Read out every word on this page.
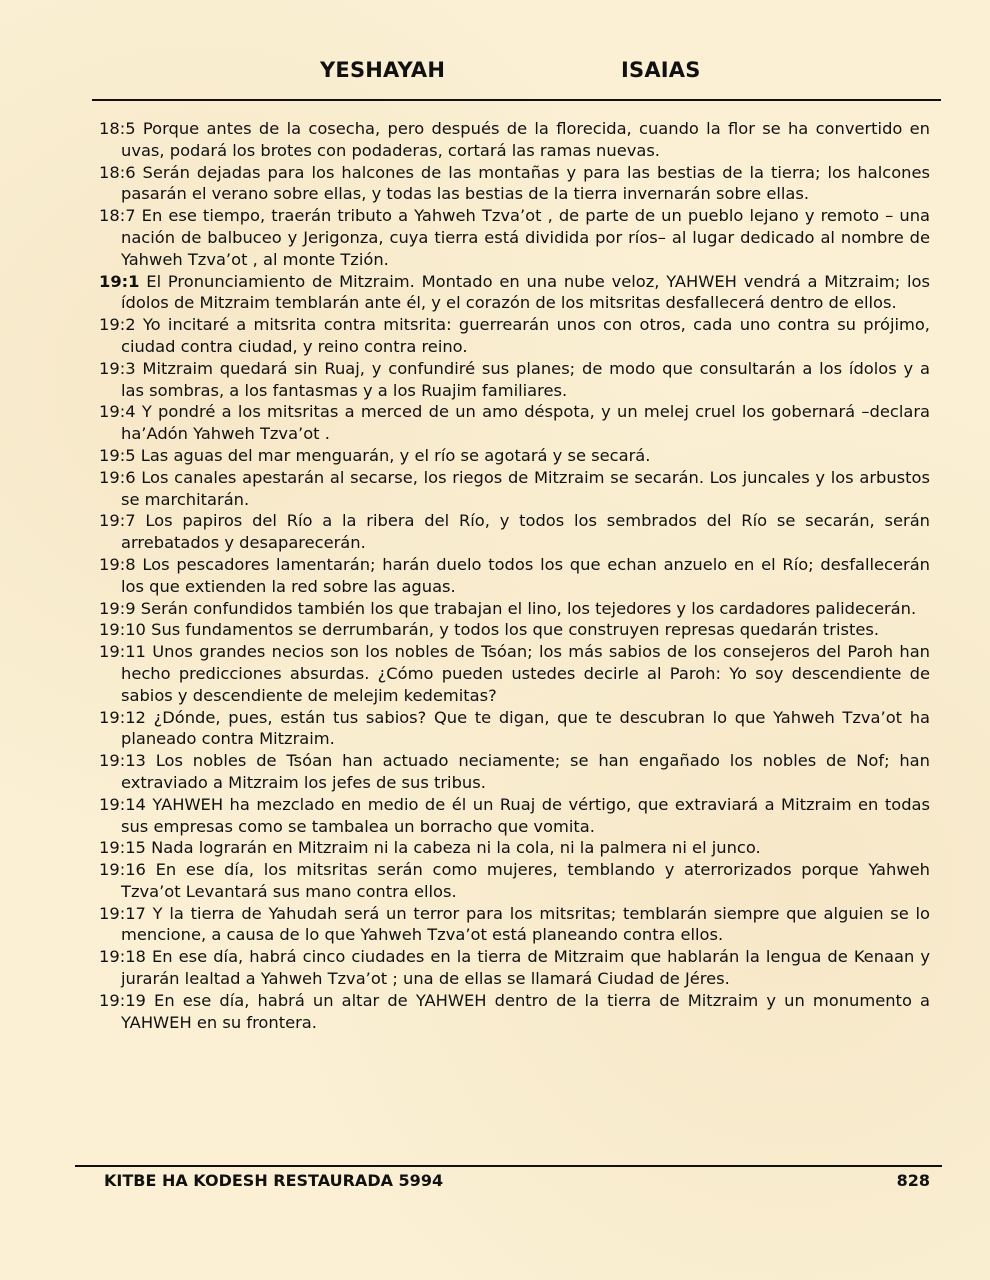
YESHAYAH	ISAIAS

18:5 Porque antes de la cosecha, pero después de la florecida, cuando la flor se ha convertido en uvas, podará los brotes con podaderas, cortará las ramas nuevas.

18:6 Serán dejadas para los halcones de las montañas y para las bestias de la tierra; los halcones pasarán el verano sobre ellas, y todas las bestias de la tierra invernarán sobre ellas.

18:7 En ese tiempo, traerán tributo a Yahweh Tzva’ot , de parte de un pueblo lejano y remoto – una nación de balbuceo y Jerigonza, cuya tierra está dividida por ríos– al lugar dedicado al nombre de Yahweh Tzva’ot , al monte Tzión.

19:1 El Pronunciamiento de Mitzraim. Montado en una nube veloz, YAHWEH vendrá a Mitzraim; los ídolos de Mitzraim temblarán ante él, y el corazón de los mitsritas desfallecerá dentro de ellos.

19:2 Yo incitaré a mitsrita contra mitsrita: guerrearán unos con otros, cada uno contra su prójimo, ciudad contra ciudad, y reino contra reino.

19:3 Mitzraim quedará sin Ruaj, y confundiré sus planes; de modo que consultarán a los ídolos y a las sombras, a los fantasmas y a los Ruajim familiares.

19:4 Y pondré a los mitsritas a merced de un amo déspota, y un melej cruel los gobernará –declara ha’Adón Yahweh Tzva’ot .

19:5 Las aguas del mar menguarán, y el río se agotará y se secará.

19:6 Los canales apestarán al secarse, los riegos de Mitzraim se secarán. Los juncales y los arbustos se marchitarán.

19:7 Los papiros del Río a la ribera del Río, y todos los sembrados del Río se secarán, serán arrebatados y desaparecerán.

19:8 Los pescadores lamentarán; harán duelo todos los que echan anzuelo en el Río; desfallecerán los que extienden la red sobre las aguas.

19:9 Serán confundidos también los que trabajan el lino, los tejedores y los cardadores palidecerán.

19:10 Sus fundamentos se derrumbarán, y todos los que construyen represas quedarán tristes.

19:11 Unos grandes necios son los nobles de Tsóan; los más sabios de los consejeros del Paroh han hecho predicciones absurdas. ¿Cómo pueden ustedes decirle al Paroh: Yo soy descendiente de sabios y descendiente de melejim kedemitas?

19:12 ¿Dónde, pues, están tus sabios? Que te digan, que te descubran lo que Yahweh Tzva’ot ha planeado contra Mitzraim.

19:13 Los nobles de Tsóan han actuado neciamente; se han engañado los nobles de Nof; han extraviado a Mitzraim los jefes de sus tribus.

19:14 YAHWEH ha mezclado en medio de él un Ruaj de vértigo, que extraviará a Mitzraim en todas sus empresas como se tambalea un borracho que vomita.

19:15 Nada lograrán en Mitzraim ni la cabeza ni la cola, ni la palmera ni el junco.

19:16 En ese día, los mitsritas serán como mujeres, temblando y aterrorizados porque Yahweh Tzva’ot Levantará sus mano contra ellos.

19:17 Y la tierra de Yahudah será un terror para los mitsritas; temblarán siempre que alguien se lo mencione, a causa de lo que Yahweh Tzva’ot está planeando contra ellos.

19:18 En ese día, habrá cinco ciudades en la tierra de Mitzraim que hablarán la lengua de Kenaan y jurarán lealtad a Yahweh Tzva’ot ; una de ellas se llamará Ciudad de Jéres.

19:19 En ese día, habrá un altar de YAHWEH dentro de la tierra de Mitzraim y un monumento a YAHWEH en su frontera.

KITBE HA KODESH RESTAURADA 5994	828
